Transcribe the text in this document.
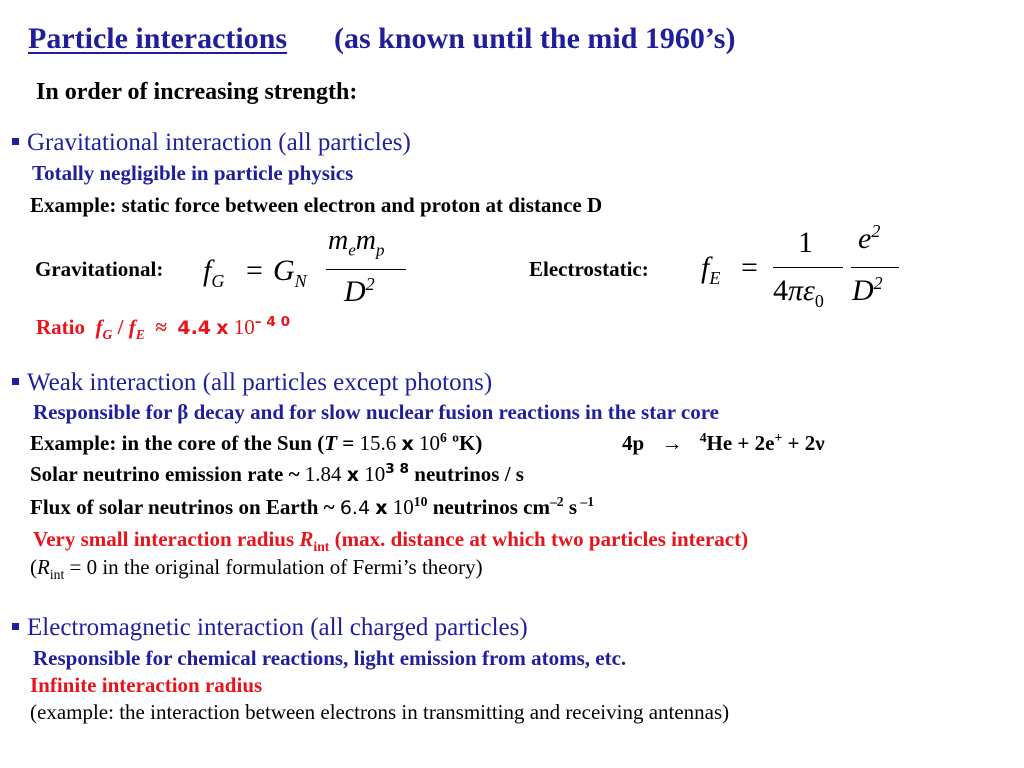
Particle interactions (as known until the mid 1960’s)
In order of increasing strength:
Gravitational interaction (all particles)
Totally negligible in particle physics
Example: static force between electron and proton at distance D
Gravitational: $f_G = G_N$
$m_em_p$
$D^2$
Electrostatic: $f_E$ =
1
$4\pi\varepsilon_0$
$e^2$
$D^2$
Ratio $f_G / f_E \approx 4.4$ x $10^{- 4 0}$
Weak interaction (all particles except photons)
Responsible for β decay and for slow nuclear fusion reactions in the star core
Example: in the core of the Sun (T = 15.6 x $10^6$ ºK)	4p → $^4$He + 2e+ + 2ν
Solar neutrino emission rate ~ 1.84 x $10^{3 8}$ neutrinos / s
Flux of solar neutrinos on Earth ~ 6.4 x $10^{10}$ neutrinos $cm^{-2}$ s $^{-1}$
Very small interaction radius $R_{int}$ (max. distance at which two particles interact)
($R_{int} = 0$ in the original formulation of Fermi’s theory)
Electromagnetic interaction (all charged particles)
Responsible for chemical reactions, light emission from atoms, etc.
Infinite interaction radius
(example: the interaction between electrons in transmitting and receiving antennas)
